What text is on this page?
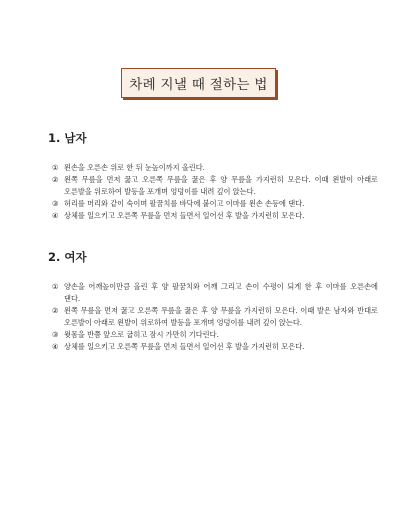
차례 지낼 때 절하는 법
1. 남자
① 왼손을 오른손 위로 한 뒤 눈높이까지 올린다.
② 왼쪽 무릎을 먼저 꿇고 오른쪽 무릎을 꿇은 후 양 무릎을 가지런히 모은다. 이때 왼발이 아래로 오른발을 위로하여 발등을 포개며 엉덩이를 내려 깊이 앉는다.
③ 허리를 머리와 같이 숙이며 팔꿈치를 바닥에 붙이고 이마를 왼손 손등에 댄다.
④ 상체를 일으키고 오른쪽 무릎을 먼저 들면서 일어선 후 발을 가지런히 모은다.
2. 여자
① 양손을 어깨높이만큼 올린 후 양 팔꿈치와 어깨 그리고 손이 수평이 되게 한 후 이마를 오른손에 댄다.
② 왼쪽 무릎을 먼저 꿇고 오른쪽 무릎을 꿇은 후 양 무릎을 가지런히 모은다. 이때 발은 남자와 반대로 오른발이 아래로 왼발이 위로하여 발등을 포개며 엉덩이를 내려 깊이 앉는다.
③ 윗몸을 반쯤 앞으로 굽히고 잠시 가만히 기다린다.
④ 상체를 일으키고 오른쪽 무릎을 먼저 들면서 일어선 후 발을 가지런히 모은다.
